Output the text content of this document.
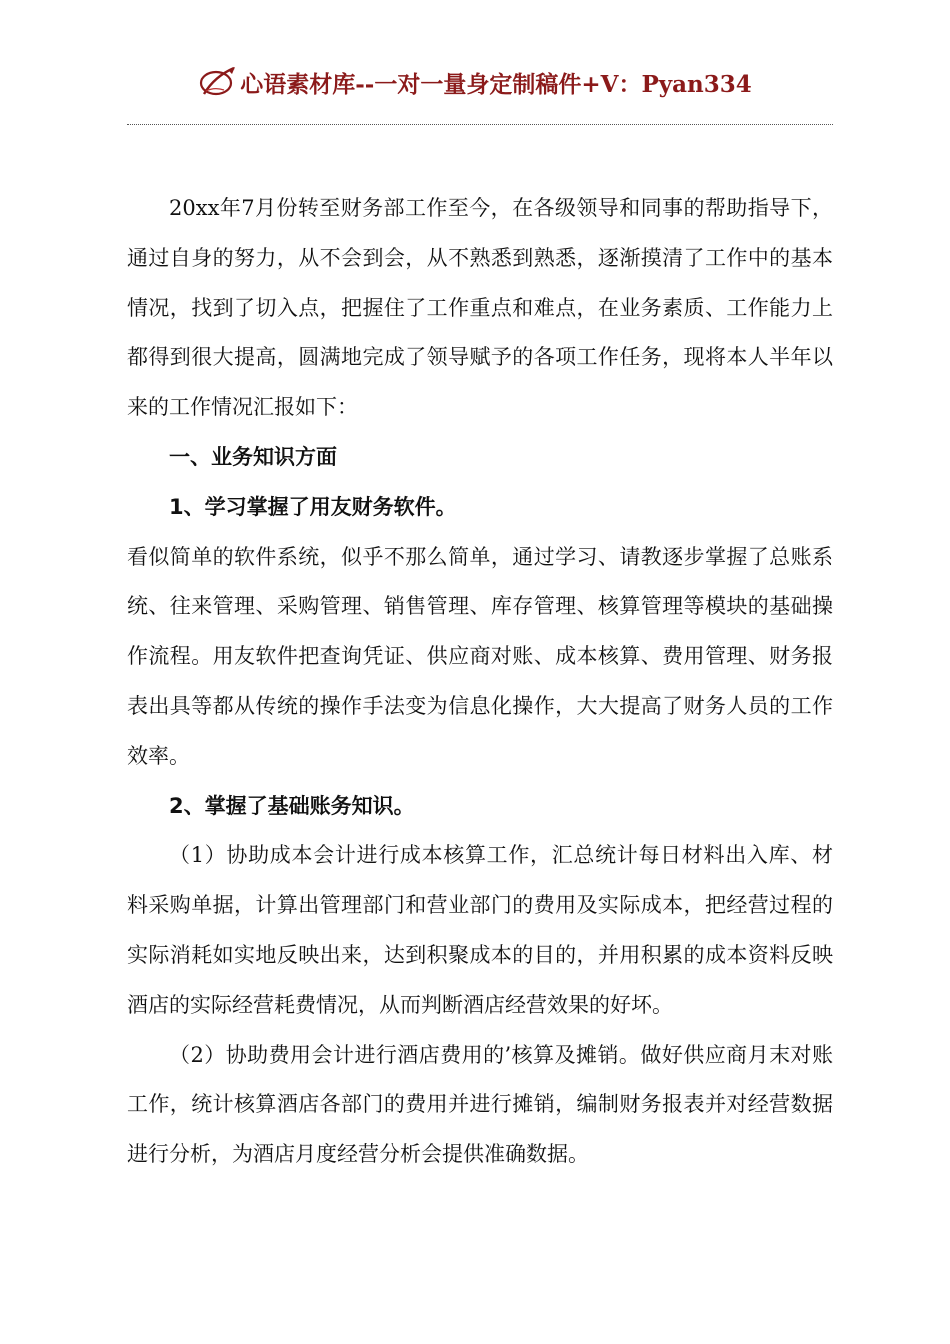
心语素材库--一对一量身定制稿件+V：Pyan334

20xx年7月份转至财务部工作至今，在各级领导和同事的帮助指导下，通过自身的努力，从不会到会，从不熟悉到熟悉，逐渐摸清了工作中的基本情况，找到了切入点，把握住了工作重点和难点，在业务素质、工作能力上都得到很大提高，圆满地完成了领导赋予的各项工作任务，现将本人半年以来的工作情况汇报如下：

一、业务知识方面

1、学习掌握了用友财务软件。

看似简单的软件系统，似乎不那么简单，通过学习、请教逐步掌握了总账系统、往来管理、采购管理、销售管理、库存管理、核算管理等模块的基础操作流程。用友软件把查询凭证、供应商对账、成本核算、费用管理、财务报表出具等都从传统的操作手法变为信息化操作，大大提高了财务人员的工作效率。

2、掌握了基础账务知识。

（1）协助成本会计进行成本核算工作，汇总统计每日材料出入库、材料采购单据，计算出管理部门和营业部门的费用及实际成本，把经营过程的实际消耗如实地反映出来，达到积聚成本的目的，并用积累的成本资料反映酒店的实际经营耗费情况，从而判断酒店经营效果的好坏。

（2）协助费用会计进行酒店费用的’核算及摊销。做好供应商月末对账工作，统计核算酒店各部门的费用并进行摊销，编制财务报表并对经营数据进行分析，为酒店月度经营分析会提供准确数据。
